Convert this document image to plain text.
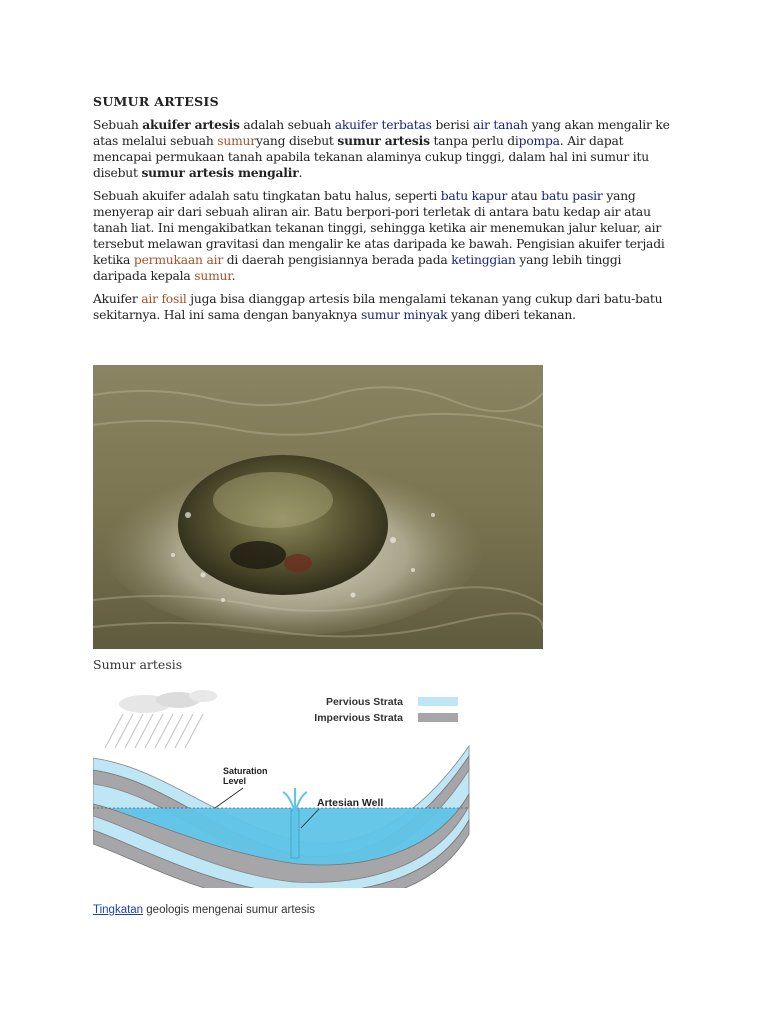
SUMUR ARTESIS

Sebuah akuifer artesis adalah sebuah akuifer terbatas berisi air tanah yang akan mengalir ke atas melalui sebuah sumuryang disebut sumur artesis tanpa perlu dipompa. Air dapat mencapai permukaan tanah apabila tekanan alaminya cukup tinggi, dalam hal ini sumur itu disebut sumur artesis mengalir.

Sebuah akuifer adalah satu tingkatan batu halus, seperti batu kapur atau batu pasir yang menyerap air dari sebuah aliran air. Batu berpori-pori terletak di antara batu kedap air atau tanah liat. Ini mengakibatkan tekanan tinggi, sehingga ketika air menemukan jalur keluar, air tersebut melawan gravitasi dan mengalir ke atas daripada ke bawah. Pengisian akuifer terjadi ketika permukaan air di daerah pengisiannya berada pada ketinggian yang lebih tinggi daripada kepala sumur.

Akuifer air fosil juga bisa dianggap artesis bila mengalami tekanan yang cukup dari batu-batu sekitarnya. Hal ini sama dengan banyaknya sumur minyak yang diberi tekanan.

Sumur artesis
Pervious Strata
Impervious Strata
Saturation
Level
Artesian Well
Tingkatan geologis mengenai sumur artesis
